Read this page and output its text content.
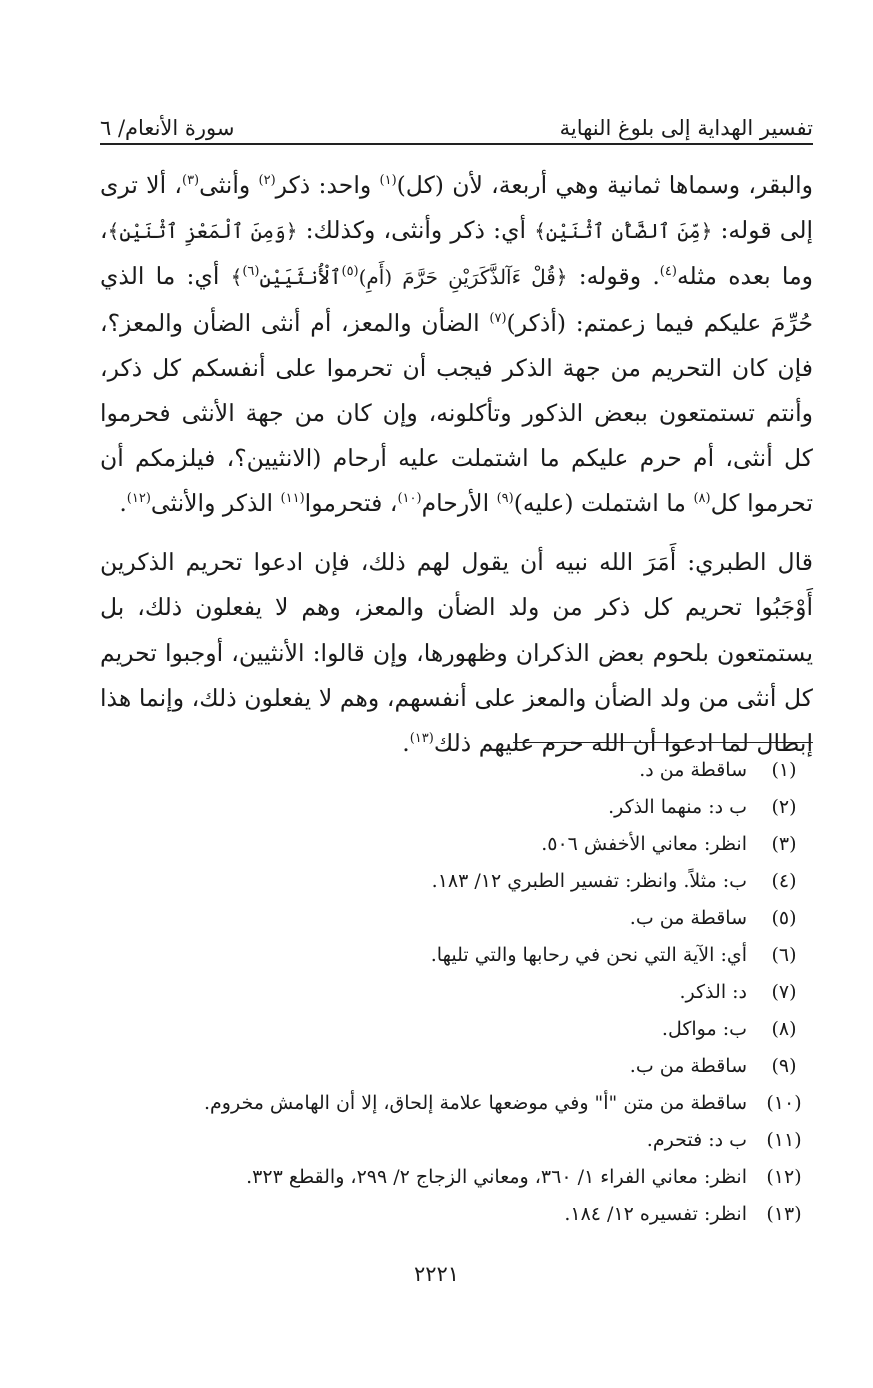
تفسير الهداية إلى بلوغ النهاية
سورة الأنعام/ ٦

والبقر، وسماها ثمانية وهي أربعة، لأن (كل)$^{(١)}$ واحد: ذكر$^{(٢)}$ وأنثى$^{(٣)}$، ألا ترى إلى قوله: ﴿مِّنَ ٱلضَّأْنِ ٱثْنَيْنِ﴾ أي: ذكر وأنثى، وكذلك: ﴿وَمِنَ ٱلْمَعْزِ ٱثْنَيْنِ﴾، وما بعده مثله$^{(٤)}$. وقوله: ﴿قُلْ ءَآلذَّكَرَيْنِ حَرَّمَ (أَمِ)$^{(٥)}$ٱلْأُنثَيَيْنِ$^{(٦)}$﴾ أي: ما الذي حُرِّمَ عليكم فيما زعمتم: (أذكر)$^{(٧)}$ الضأن والمعز، أم أنثى الضأن والمعز؟، فإن كان التحريم من جهة الذكر فيجب أن تحرموا على أنفسكم كل ذكر، وأنتم تستمتعون ببعض الذكور وتأكلونه، وإن كان من جهة الأنثى فحرموا كل أنثى، أم حرم عليكم ما اشتملت عليه أرحام (الانثيين؟، فيلزمكم أن تحرموا كل$^{(٨)}$ ما اشتملت (عليه)$^{(٩)}$ الأرحام$^{(١٠)}$، فتحرموا$^{(١١)}$ الذكر والأنثى$^{(١٢)}$.

قال الطبري: أَمَرَ الله نبيه أن يقول لهم ذلك، فإن ادعوا تحريم الذكرين أَوْجَبُوا تحريم كل ذكر من ولد الضأن والمعز، وهم لا يفعلون ذلك، بل يستمتعون بلحوم بعض الذكران وظهورها، وإن قالوا: الأنثيين، أوجبوا تحريم كل أنثى من ولد الضأن والمعز على أنفسهم، وهم لا يفعلون ذلك، وإنما هذا إبطال لما ادعوا أن الله حرم عليهم ذلك$^{(١٣)}$.

(١)
ساقطة من د.
(٢)
ب د: منهما الذكر.
(٣)
انظر: معاني الأخفش ٥٠٦.
(٤)
ب: مثلاً. وانظر: تفسير الطبري ١٢/ ١٨٣.
(٥)
ساقطة من ب.
(٦)
أي: الآية التي نحن في رحابها والتي تليها.
(٧)
د: الذكر.
(٨)
ب: مواكل.
(٩)
ساقطة من ب.
(١٠)
ساقطة من متن "أ" وفي موضعها علامة إلحاق، إلا أن الهامش مخروم.
(١١)
ب د: فتحرم.
(١٢)
انظر: معاني الفراء ١/ ٣٦٠، ومعاني الزجاج ٢/ ٢٩٩، والقطع ٣٢٣.
(١٣)
انظر: تفسيره ١٢/ ١٨٤.
٢٢٢١
